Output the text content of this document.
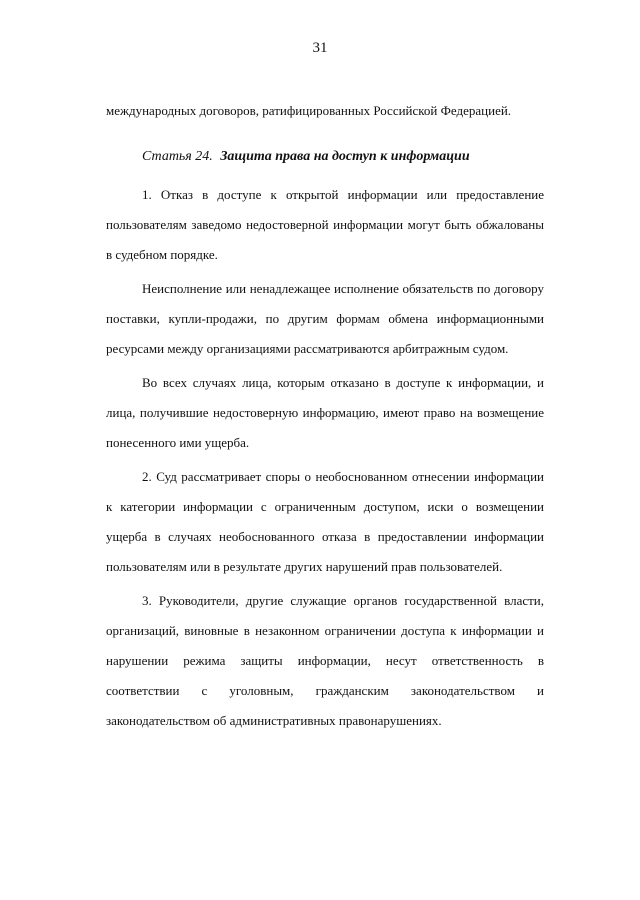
31

международных договоров, ратифицированных Российской Федерацией.

Статья 24. Защита права на доступ к информации

1. Отказ в доступе к открытой информации или предоставление пользователям заведомо недостоверной информации могут быть обжалованы в судебном порядке.

Неисполнение или ненадлежащее исполнение обязательств по договору поставки, купли-продажи, по другим формам обмена информационными ресурсами между организациями рассматриваются арбитражным судом.

Во всех случаях лица, которым отказано в доступе к информации, и лица, получившие недостоверную информацию, имеют право на возмещение понесенного ими ущерба.

2. Суд рассматривает споры о необоснованном отнесении информации к категории информации с ограниченным доступом, иски о возмещении ущерба в случаях необоснованного отказа в предоставлении информации пользователям или в результате других нарушений прав пользователей.

3. Руководители, другие служащие органов государственной власти, организаций, виновные в незаконном ограничении доступа к информации и нарушении режима защиты информации, несут ответственность в соответствии с уголовным, гражданским законодательством и законодательством об административных правонарушениях.
